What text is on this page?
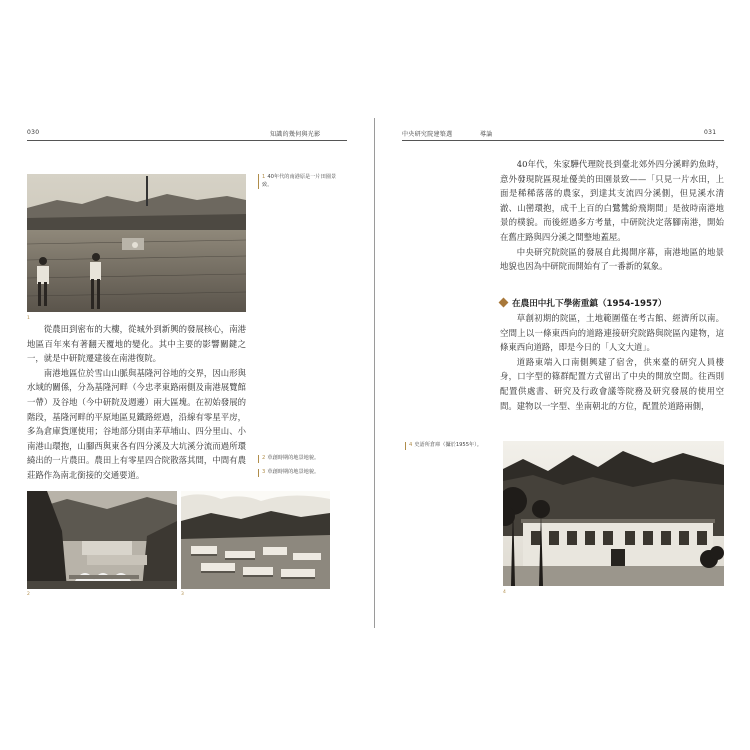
030	知識的幾何與光影
1
1 40年代的南港原是一片田園景致。

從農田到密布的大樓，從城外到新興的發展核心，南港地區百年來有著翻天覆地的變化。其中主要的影響關鍵之一，就是中研院遷建後在南港復院。

南港地區位於雪山山脈與基隆河谷地的交界，因山形與水域的關係，分為基隆河畔（今忠孝東路兩側及南港展覽館一帶）及谷地（今中研院及週邊）兩大區塊。在初始發展的階段，基隆河畔的平原地區見鐵路經過，沿線有零星平房，多為倉庫貨運使用；谷地部分則由茅草埔山、四分里山、小南港山環抱，山腳西與東各有四分溪及大坑溪分流而過所環繞出的一片農田。農田上有零星四合院散落其間，中間有農莊路作為南北銜接的交通要道。

2 草創時期的地景地貌。
3 草創時期的地景地貌。
2	3
中央研究院建築選	導論	031

40年代，朱家驊代理院長到臺北郊外四分溪畔釣魚時，意外發現院區現址優美的田園景致——「只見一片水田，上面是稀稀落落的農家，到達其支流四分溪側，但見溪水清澈、山巒環抱，成千上百的白鷺鷥紛飛期間」是彼時南港地景的樸貌。而後經過多方考量，中研院決定落腳南港，開始在舊庄路與四分溪之間整地蓋屋。

中央研究院院區的發展自此揭開序幕，南港地區的地景地貌也因為中研院而開始有了一番新的氣象。

在農田中扎下學術重鎮（1954-1957）

草創初期的院區，土地範圍僅在考古館、經濟所以南。空間上以一條東西向的道路連接研究院路與院區內建物，這條東西向道路，即是今日的「人文大道」。

道路東端入口南側興建了宿舍，供來臺的研究人員棲身，口字型的篠群配置方式留出了中央的開放空間。往西則配置供處書、研究及行政會議等院務及研究發展的使用空間。建物以一字型、坐南朝北的方位，配置於道路兩側，

4 史語所倉庫（攝於1955年）。
4
